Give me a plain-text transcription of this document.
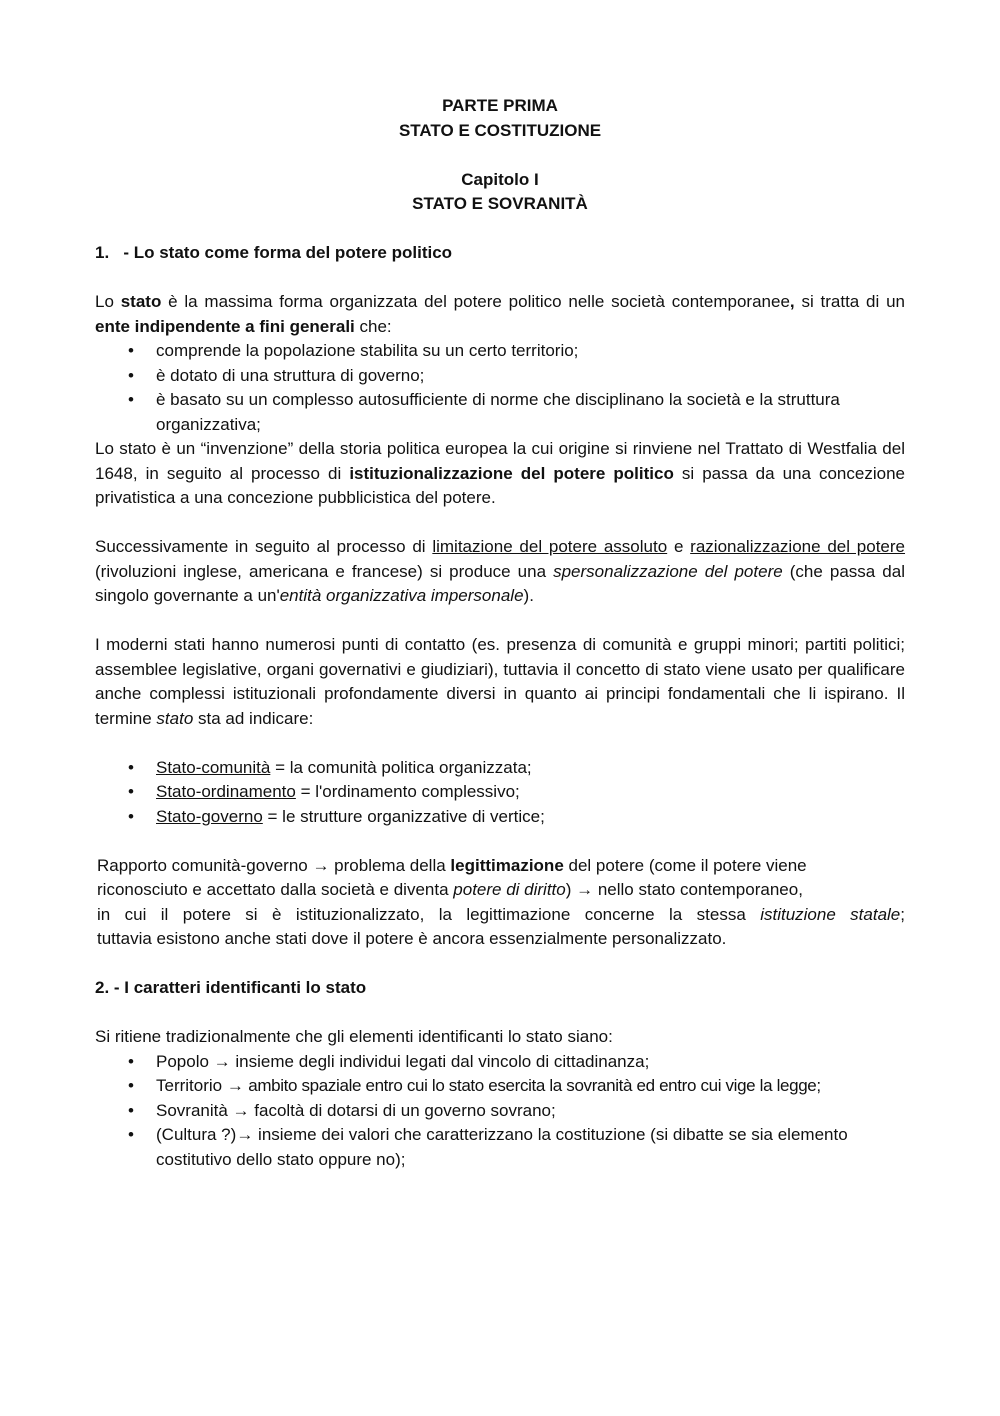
PARTE PRIMA
STATO E COSTITUZIONE
Capitolo I
STATO E SOVRANITÀ

1.   - Lo stato come forma del potere politico

Lo stato è la massima forma organizzata del potere politico nelle società contemporanee, si tratta di un ente indipendente a fini generali che:

• comprende la popolazione stabilita su un certo territorio;
• è dotato di una struttura di governo;
• è basato su un complesso autosufficiente di norme che disciplinano la società e la struttura organizzativa;

Lo stato è un “invenzione” della storia politica europea la cui origine si rinviene nel Trattato di Westfalia del 1648, in seguito al processo di istituzionalizzazione del potere politico si passa da una concezione privatistica a una concezione pubblicistica del potere.

Successivamente in seguito al processo di limitazione del potere assoluto e razionalizzazione del potere (rivoluzioni inglese, americana e francese) si produce una spersonalizzazione del potere (che passa dal singolo governante a un'entità organizzativa impersonale).

I moderni stati hanno numerosi punti di contatto (es. presenza di comunità e gruppi minori; partiti politici; assemblee legislative, organi governativi e giudiziari), tuttavia il concetto di stato viene usato per qualificare anche complessi istituzionali profondamente diversi in quanto ai principi fondamentali che li ispirano. Il termine stato sta ad indicare:

• Stato-comunità = la comunità politica organizzata;
• Stato-ordinamento = l'ordinamento complessivo;
• Stato-governo = le strutture organizzative di vertice;
Rapporto comunità-governo → problema della legittimazione del potere (come il potere viene
riconosciuto e accettato dalla società e diventa potere di diritto) → nello stato contemporaneo,
in cui il potere si è istituzionalizzato, la legittimazione concerne la stessa istituzione statale;
tuttavia esistono anche stati dove il potere è ancora essenzialmente personalizzato.

2. - I caratteri identificanti lo stato

Si ritiene tradizionalmente che gli elementi identificanti lo stato siano:

• Popolo → insieme degli individui legati dal vincolo di cittadinanza;
• Territorio → ambito spaziale entro cui lo stato esercita la sovranità ed entro cui vige la legge;
• Sovranità → facoltà di dotarsi di un governo sovrano;
• (Cultura ?)→ insieme dei valori che caratterizzano la costituzione (si dibatte se sia elemento costitutivo dello stato oppure no);
